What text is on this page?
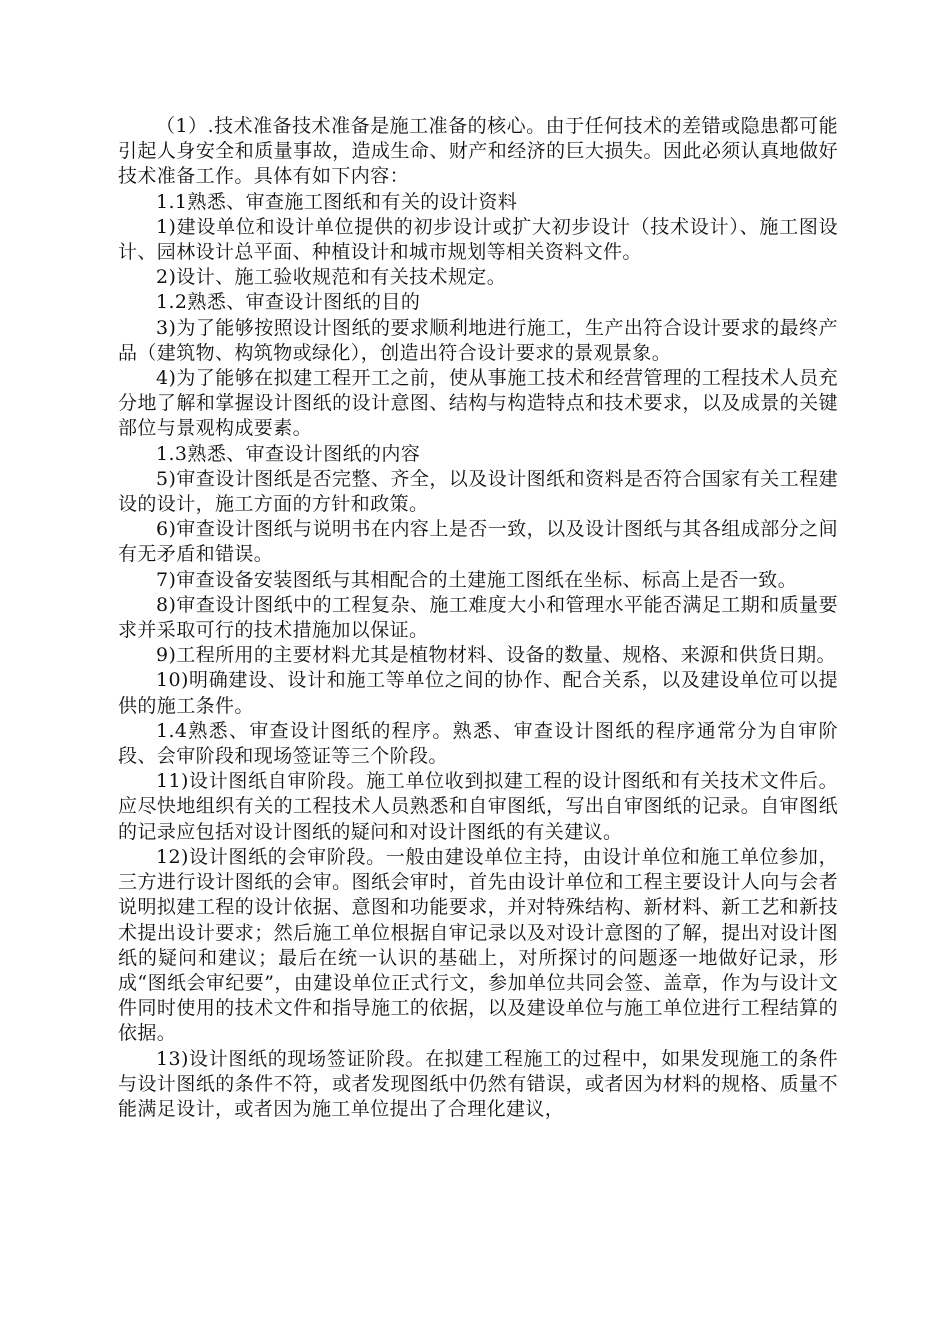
（1）.技术准备技术准备是施工准备的核心。由于任何技术的差错或隐患都可能引起人身安全和质量事故，造成生命、财产和经济的巨大损失。因此必须认真地做好技术准备工作。具体有如下内容：

1.1熟悉、审查施工图纸和有关的设计资料

1)建设单位和设计单位提供的初步设计或扩大初步设计（技术设计）、施工图设计、园林设计总平面、种植设计和城市规划等相关资料文件。

2)设计、施工验收规范和有关技术规定。

1.2熟悉、审查设计图纸的目的

3)为了能够按照设计图纸的要求顺利地进行施工，生产出符合设计要求的最终产品（建筑物、构筑物或绿化），创造出符合设计要求的景观景象。

4)为了能够在拟建工程开工之前，使从事施工技术和经营管理的工程技术人员充分地了解和掌握设计图纸的设计意图、结构与构造特点和技术要求，以及成景的关键部位与景观构成要素。

1.3熟悉、审查设计图纸的内容

5)审查设计图纸是否完整、齐全，以及设计图纸和资料是否符合国家有关工程建设的设计，施工方面的方针和政策。

6)审查设计图纸与说明书在内容上是否一致，以及设计图纸与其各组成部分之间有无矛盾和错误。

7)审查设备安装图纸与其相配合的土建施工图纸在坐标、标高上是否一致。

8)审查设计图纸中的工程复杂、施工难度大小和管理水平能否满足工期和质量要求并采取可行的技术措施加以保证。

9)工程所用的主要材料尤其是植物材料、设备的数量、规格、来源和供货日期。

10)明确建设、设计和施工等单位之间的协作、配合关系，以及建设单位可以提供的施工条件。

1.4熟悉、审查设计图纸的程序。熟悉、审查设计图纸的程序通常分为自审阶段、会审阶段和现场签证等三个阶段。

11)设计图纸自审阶段。施工单位收到拟建工程的设计图纸和有关技术文件后。应尽快地组织有关的工程技术人员熟悉和自审图纸，写出自审图纸的记录。自审图纸的记录应包括对设计图纸的疑问和对设计图纸的有关建议。

12)设计图纸的会审阶段。一般由建设单位主持，由设计单位和施工单位参加，三方进行设计图纸的会审。图纸会审时，首先由设计单位和工程主要设计人向与会者说明拟建工程的设计依据、意图和功能要求，并对特殊结构、新材料、新工艺和新技术提出设计要求；然后施工单位根据自审记录以及对设计意图的了解，提出对设计图纸的疑问和建议；最后在统一认识的基础上，对所探讨的问题逐一地做好记录，形成“图纸会审纪要”，由建设单位正式行文，参加单位共同会签、盖章，作为与设计文件同时使用的技术文件和指导施工的依据，以及建设单位与施工单位进行工程结算的依据。

13)设计图纸的现场签证阶段。在拟建工程施工的过程中，如果发现施工的条件与设计图纸的条件不符，或者发现图纸中仍然有错误，或者因为材料的规格、质量不能满足设计，或者因为施工单位提出了合理化建议，
